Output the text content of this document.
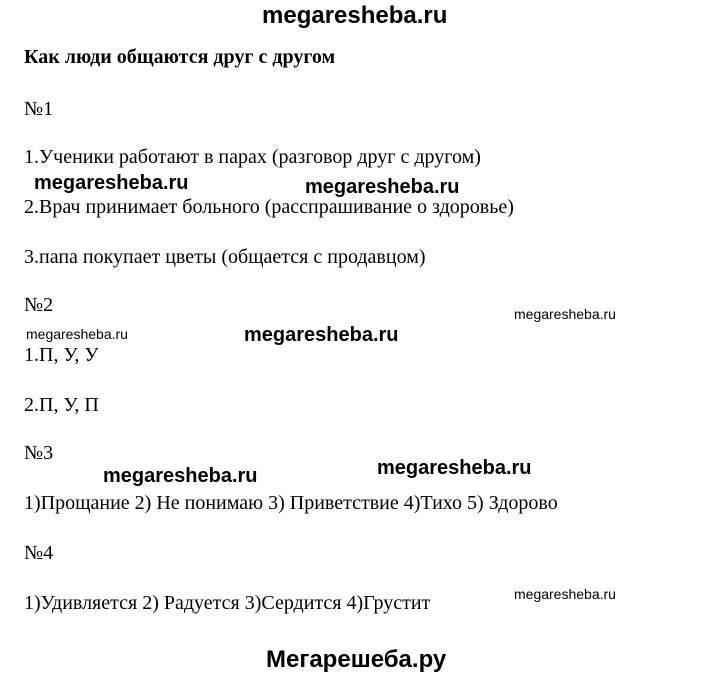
megaresheba.ru
Как люди общаются друг с другом
№1
1.Ученики работают в парах (разговор друг с другом)
2.Врач принимает больного (расспрашивание о здоровье)
3.папа покупает цветы (общается с продавцом)
№2
1.П, У, У
2.П, У, П
№3
1)Прощание 2) Не понимаю 3) Приветствие 4)Тихо 5) Здорово
№4
1)Удивляется 2) Радуется 3)Сердится 4)Грустит
megaresheba.ru	megaresheba.ru
megaresheba.ru
megaresheba.ru	megaresheba.ru
megaresheba.ru	megaresheba.ru
megaresheba.ru
Мегарешеба.ру
